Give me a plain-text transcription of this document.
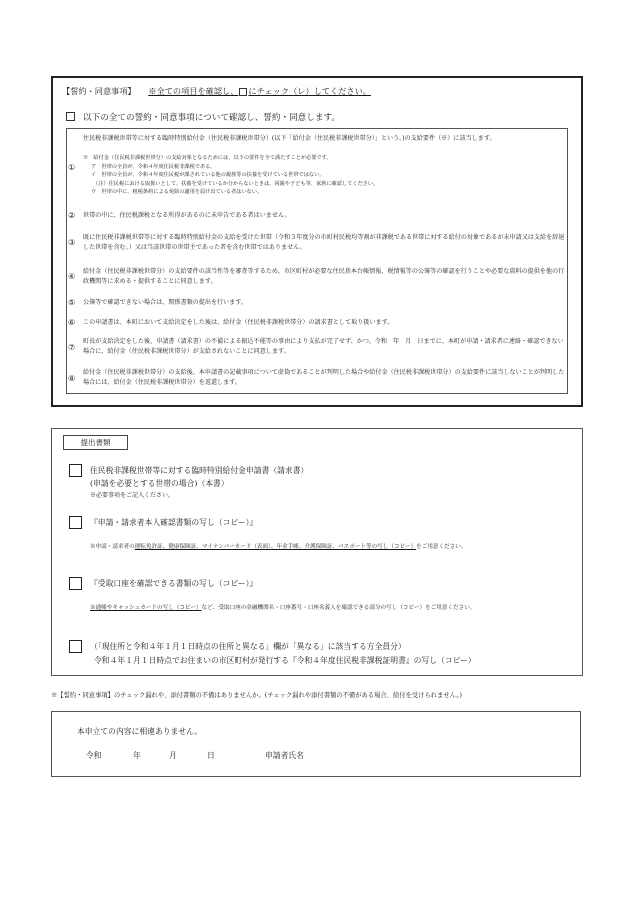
【誓約・同意事項】 ※全ての項目を確認し、 にチェック（レ）してください。
以下の全ての誓約・同意事項について確認し、誓約・同意します。
①
住民税非課税世帯等に対する臨時特別給付金（住民税非課税世帯分）(以下「給付金（住民税非課税世帯分）」という。)の支給要件（※）に該当します。
※　給付金（住民税非課税世帯分）の支給対象となるためには、以下の要件を全て満たすことが必要です。
ア　世帯の全員が、令和４年度住民税非課税である。
イ　世帯の全員が、令和４年度住民税が課されている他の親族等の扶養を受けている世帯ではない。
（注）住民税における取扱いとして、扶養を受けているか分からないときは、両親や子ども等、家族に確認してください。
ウ　世帯の中に、租税条約による免除の適用を届け出ている者はいない。
② 世帯の中に、住民税課税となる所得があるのに未申告である者はいません。
③
既に住民税非課税世帯等に対する臨時特別給付金の支給を受けた世帯（令和３年度分の市町村民税均等割が非課税である世帯に対する給付の対象であるが未申請又は支給を辞退した世帯を含む。）又は当該世帯の世帯主であった者を含む世帯ではありません。
④
給付金（住民税非課税世帯分）の支給要件の該当性等を審査等するため、市区町村が必要な住民基本台帳情報、税情報等の公簿等の確認を行うことや必要な資料の提供を他の行政機関等に求める・提供することに同意します。
⑤ 公簿等で確認できない場合は、関係書類の提出を行います。
⑥ この申請書は、本町において支給決定をした後は、給付金（住民税非課税世帯分）の請求書として取り扱います。
⑦
町長が支給決定をした後、申請書（請求書）の不備による振込不能等の事由により支払が完了せず、かつ、令和　年　月　日までに、本町が申請・請求者に連絡・確認できない場合に、給付金（住民税非課税世帯分）が支給されないことに同意します。
⑧
給付金（住民税非課税世帯分）の支給後、本申請書の記載事項について虚偽であることが判明した場合や給付金（住民税非課税世帯分）の支給要件に該当しないことが判明した場合には、給付金（住民税非課税世帯分）を返還します。
提出書類
住民税非課税世帯等に対する臨時特別給付金申請書（請求書）
(申請を必要とする世帯の場合)（本書）
※必要事項をご記入ください。
『申請・請求者本人確認書類の写し（コピー）』
※申請・請求者の運転免許証、健康保険証、マイナンバーカード（表面）、年金手帳、介護保険証、パスポート等の写し（コピー）をご用意ください。
『受取口座を確認できる書類の写し（コピー）』
※通帳やキャッシュカードの写し（コピー）など、受取口座の金融機関名・口座番号・口座名義人を確認できる部分の写し（コピー）をご用意ください。
（「現住所と令和４年１月１日時点の住所と異なる」欄が「異なる」に該当する方全員分）
令和４年１月１日時点でお住まいの市区町村が発行する『令和４年度住民税非課税証明書』の写し（コピー）
※【誓約・同意事項】のチェック漏れや、添付書類の不備はありませんか。(チェック漏れや添付書類の不備がある場合、給付を受けられません。)
本申立ての内容に相違ありません。
令和	年	月	日	申請者氏名
